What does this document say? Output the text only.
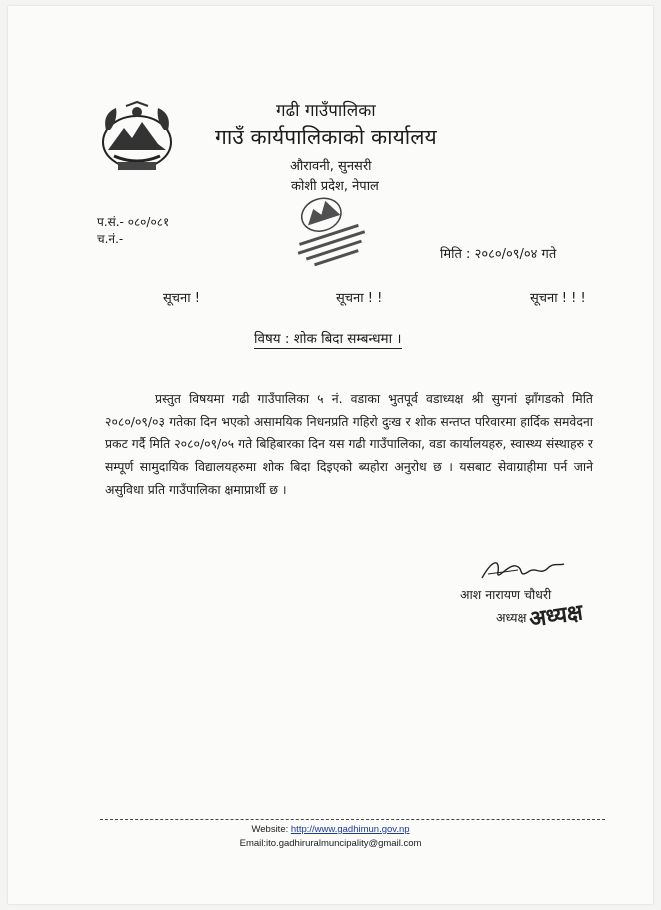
गढी गाउँपालिका
गाउँ कार्यपालिकाको कार्यालय
औरावनी, सुनसरी
कोशी प्रदेश, नेपाल
प.सं.- ०८०/०८१
च.नं.-
मिति : २०८०/०९/०४ गते
सूचना !	सूचना ! !	सूचना ! ! !
विषय : शोक बिदा सम्बन्धमा ।
प्रस्तुत विषयमा गढी गाउँपालिका ५ नं. वडाका भुतपूर्व वडाध्यक्ष श्री सुगनां झाँगडको मिति २०८०/०९/०३ गतेका दिन भएको असामयिक निधनप्रति गहिरो दुःख र शोक सन्तप्त परिवारमा हार्दिक समवेदना प्रकट गर्दै मिति २०८०/०९/०५ गते बिहिबारका दिन यस गढी गाउँपालिका, वडा कार्यालयहरु, स्वास्थ्य संस्थाहरु र सम्पूर्ण सामुदायिक विद्यालयहरुमा शोक बिदा दिइएको ब्यहोरा अनुरोध छ । यसबाट सेवाग्राहीमा पर्न जाने असुविधा प्रति गाउँपालिका क्षमाप्रार्थी छ ।
आश नारायण चौधरी
अध्यक्ष अध्यक्ष
Website: http://www.gadhimun.gov.np
Email:ito.gadhiruralmuncipality@gmail.com
